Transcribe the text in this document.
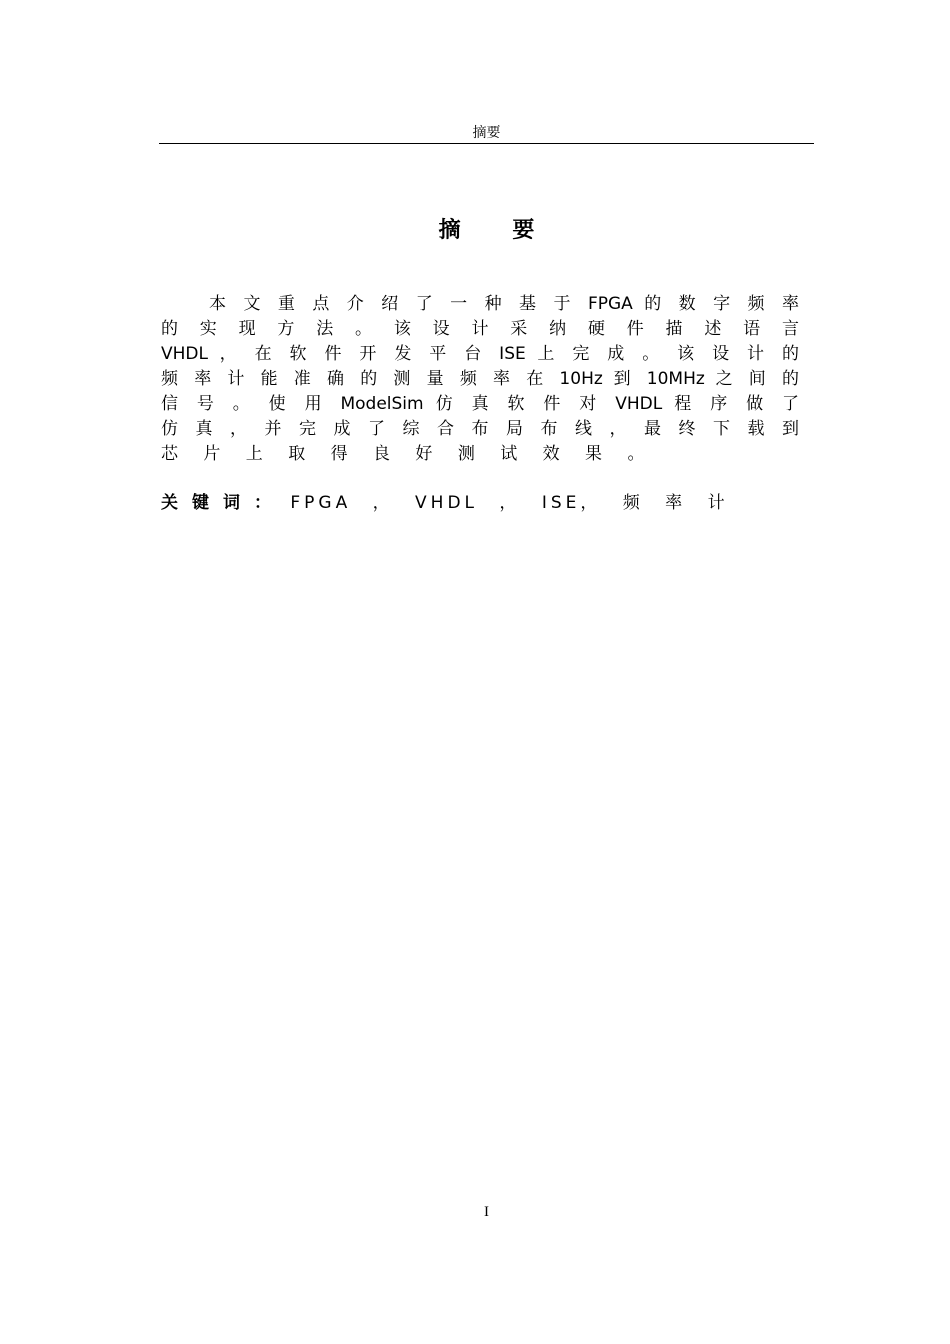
摘要
摘 要
本 文 重 点 介 绍 了 一 种 基 于 FPGA 的 数 字 频 率
的 实 现 方 法 。 该 设 计 采 纳 硬 件 描 述 语 言
VHDL ， 在 软 件 开 发 平 台 ISE 上 完 成 。 该 设 计 的
频 率 计 能 准 确 的 测 量 频 率 在 10Hz 到 10MHz 之 间 的
信 号 。 使 用 ModelSim 仿 真 软 件 对 VHDL 程 序 做 了
仿 真 ， 并 完 成 了 综 合 布 局 布 线 ， 最 终 下 载 到
芯 片 上 取 得 良 好 测 试 效 果 。
关键词： FPGA ， VHDL ， ISE， 频 率 计
I
